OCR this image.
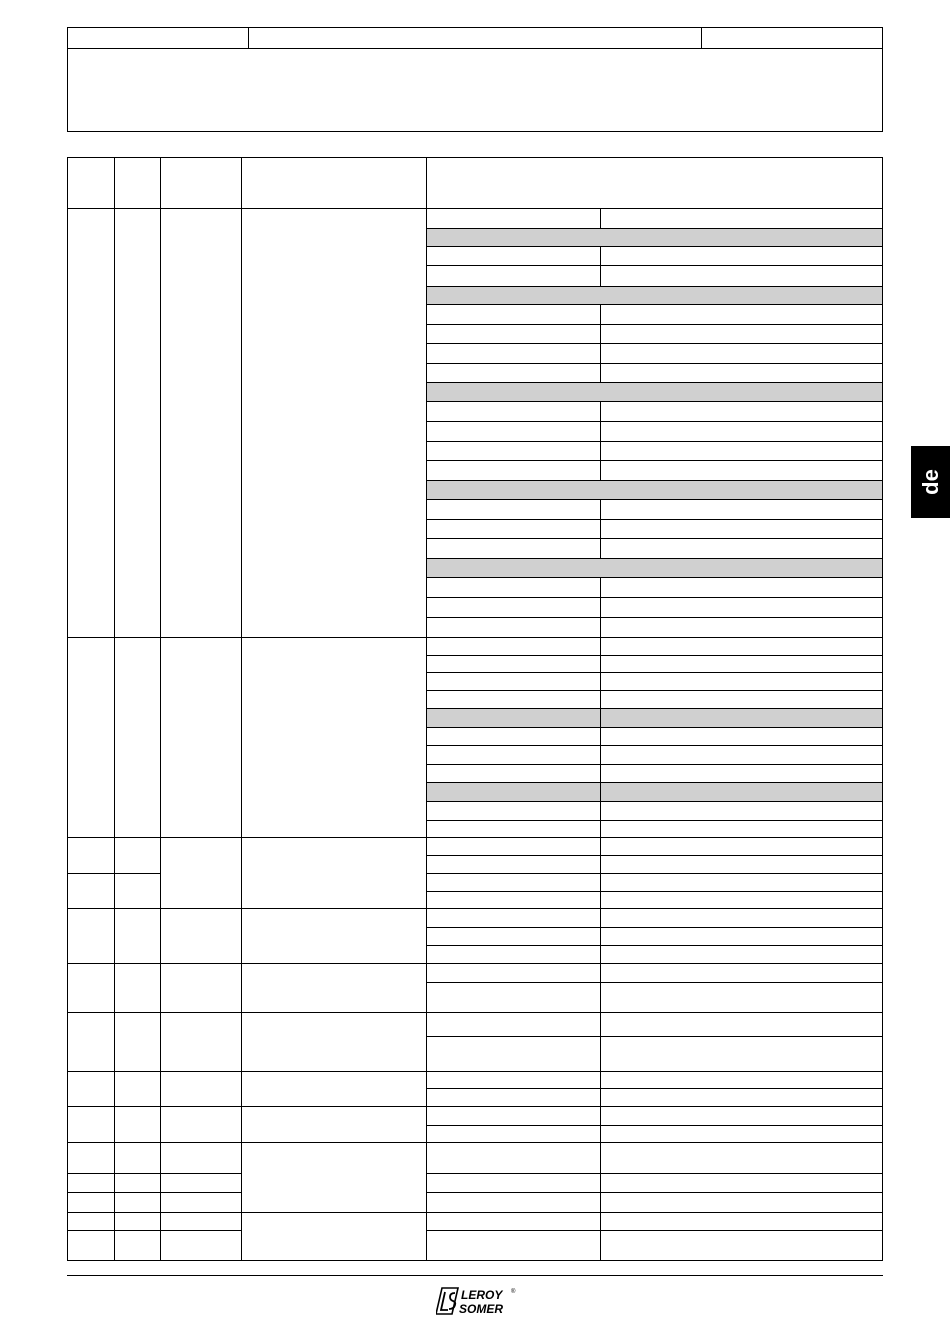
de
LEROY
SOMER
®
